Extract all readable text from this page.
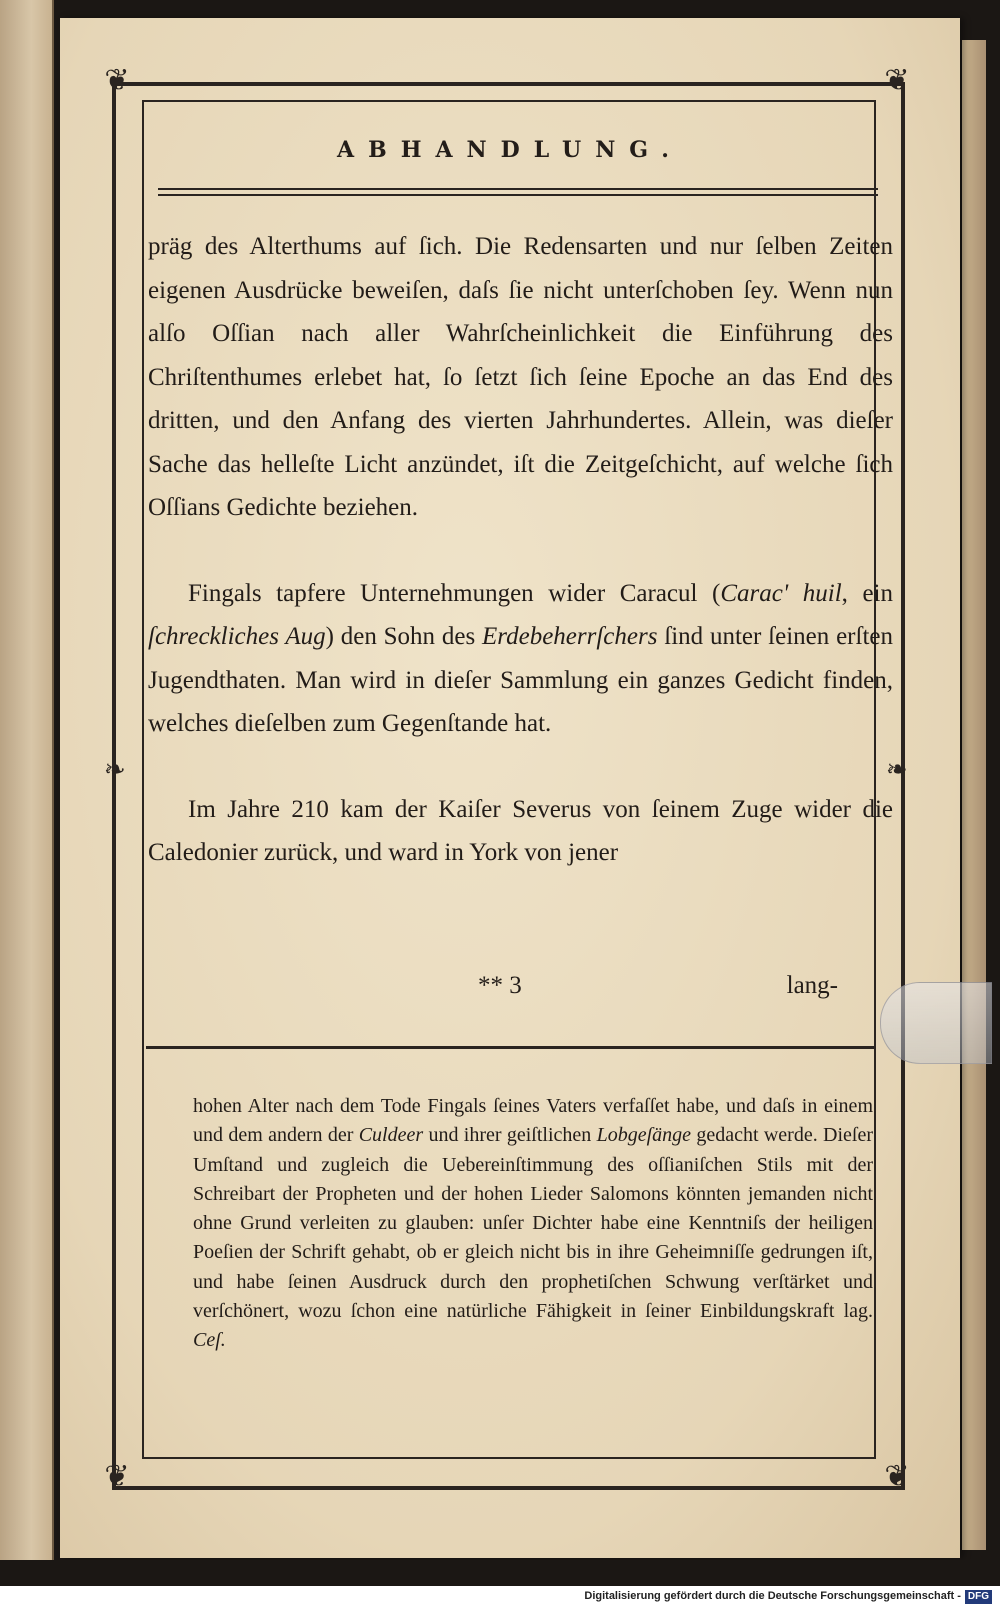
❦	❦
❦	❦
❧	❧
ABHANDLUNG.

präg des Alterthums auf ſich. Die Redensarten und nur ſelben Zeiten eigenen Ausdrücke beweiſen, daſs ſie nicht unterſchoben ſey. Wenn nun alſo Oſſian nach aller Wahrſcheinlichkeit die Einführung des Chriſtenthumes erlebet hat, ſo ſetzt ſich ſeine Epoche an das End des dritten, und den Anfang des vierten Jahrhundertes. Allein, was dieſer Sache das helleſte Licht anzündet, iſt die Zeitgeſchicht, auf welche ſich Oſſians Gedichte beziehen.

Fingals tapfere Unternehmungen wider Caracul (Carac' huil, ein ſchreckliches Aug) den Sohn des Erdebeherrſchers ſind unter ſeinen erſten Jugendthaten. Man wird in dieſer Sammlung ein ganzes Gedicht finden, welches dieſelben zum Gegenſtande hat.

Im Jahre 210 kam der Kaiſer Severus von ſeinem Zuge wider die Caledonier zurück, und ward in York von jener

** 3	lang-

hohen Alter nach dem Tode Fingals ſeines Vaters verfaſſet habe, und daſs in einem und dem andern der Culdeer und ihrer geiſtlichen Lobgeſänge gedacht werde. Dieſer Umſtand und zugleich die Uebereinſtimmung des oſſianiſchen Stils mit der Schreibart der Propheten und der hohen Lieder Salomons könnten jemanden nicht ohne Grund verleiten zu glauben: unſer Dichter habe eine Kenntniſs der heiligen Poeſien der Schrift gehabt, ob er gleich nicht bis in ihre Geheimniſſe gedrungen iſt, und habe ſeinen Ausdruck durch den prophetiſchen Schwung verſtärket und verſchönert, wozu ſchon eine natürliche Fähigkeit in ſeiner Einbildungskraft lag. Ceſ.

Digitalisierung gefördert durch die Deutsche Forschungsgemeinschaft - DFG
